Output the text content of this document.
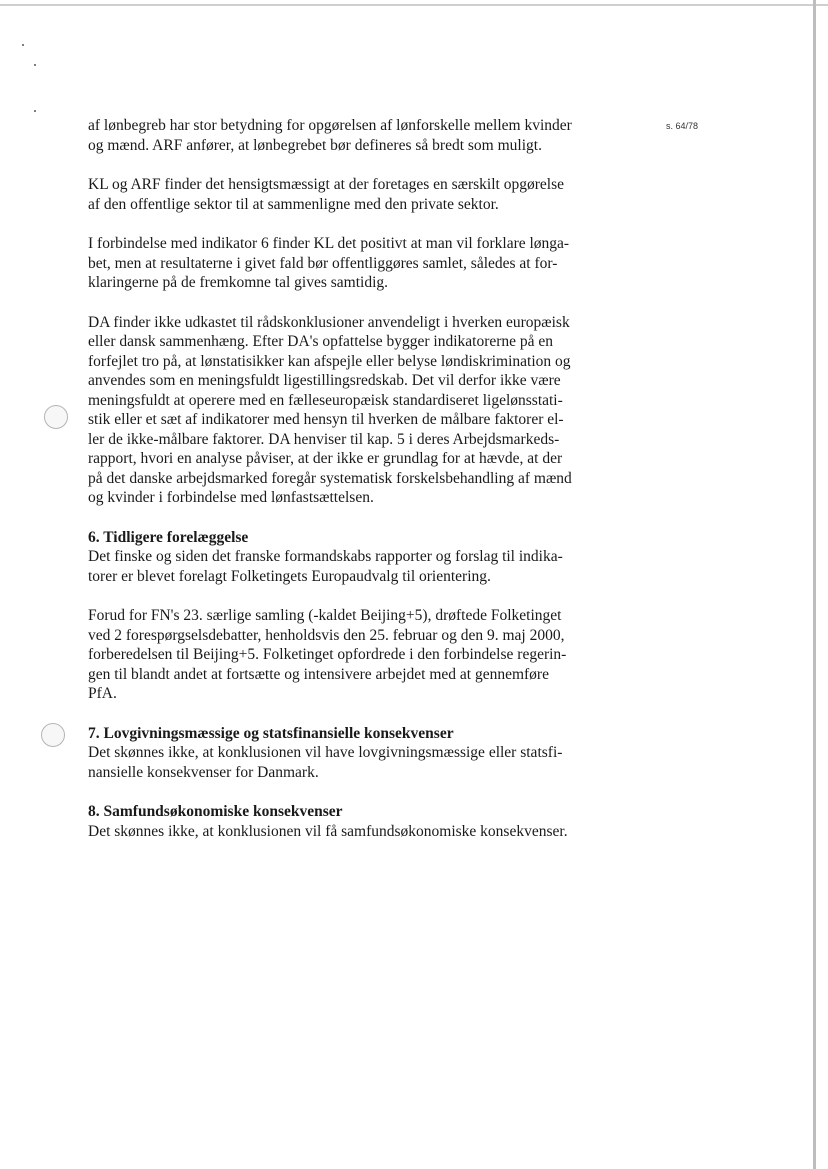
s. 64/78

af lønbegreb har stor betydning for opgørelsen af lønforskelle mellem kvinder
og mænd. ARF anfører, at lønbegrebet bør defineres så bredt som muligt.

KL og ARF finder det hensigtsmæssigt at der foretages en særskilt opgørelse
af den offentlige sektor til at sammenligne med den private sektor.

I forbindelse med indikator 6 finder KL det positivt at man vil forklare lønga-
bet, men at resultaterne i givet fald bør offentliggøres samlet, således at for-
klaringerne på de fremkomne tal gives samtidig.

DA finder ikke udkastet til rådskonklusioner anvendeligt i hverken europæisk
eller dansk sammenhæng. Efter DA's opfattelse bygger indikatorerne på en
forfejlet tro på, at lønstatisikker kan afspejle eller belyse løndiskrimination og
anvendes som en meningsfuldt ligestillingsredskab. Det vil derfor ikke være
meningsfuldt at operere med en fælleseuropæisk standardiseret ligelønsstati-
stik eller et sæt af indikatorer med hensyn til hverken de målbare faktorer el-
ler de ikke-målbare faktorer. DA henviser til kap. 5 i deres Arbejdsmarkeds-
rapport, hvori en analyse påviser, at der ikke er grundlag for at hævde, at der
på det danske arbejdsmarked foregår systematisk forskelsbehandling af mænd
og kvinder i forbindelse med lønfastsættelsen.

6. Tidligere forelæggelse

Det finske og siden det franske formandskabs rapporter og forslag til indika-
torer er blevet forelagt Folketingets Europaudvalg til orientering.

Forud for FN's 23. særlige samling (-kaldet Beijing+5), drøftede Folketinget
ved 2 forespørgselsdebatter, henholdsvis den 25. februar og den 9. maj 2000,
forberedelsen til Beijing+5. Folketinget opfordrede i den forbindelse regerin-
gen til blandt andet at fortsætte og intensivere arbejdet med at gennemføre
PfA.

7. Lovgivningsmæssige og statsfinansielle konsekvenser

Det skønnes ikke, at konklusionen vil have lovgivningsmæssige eller statsfi-
nansielle konsekvenser for Danmark.

8. Samfundsøkonomiske konsekvenser

Det skønnes ikke, at konklusionen vil få samfundsøkonomiske konsekvenser.
